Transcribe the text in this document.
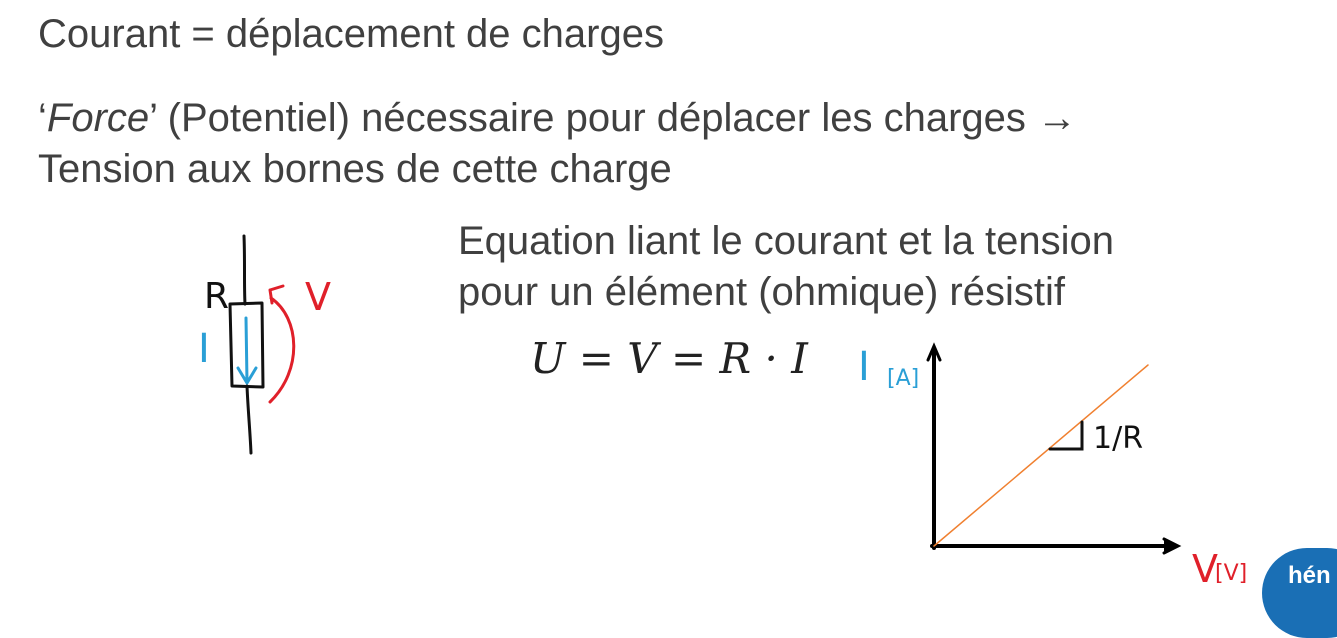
Courant = déplacement de charges
‘Force’ (Potentiel) nécessaire pour déplacer les charges →
Tension aux bornes de cette charge
Equation liant le courant et la tension
pour un élément (ohmique) résistif
U = V = R · I
R
I
V
I [A]
1/R
V
[V] hén
